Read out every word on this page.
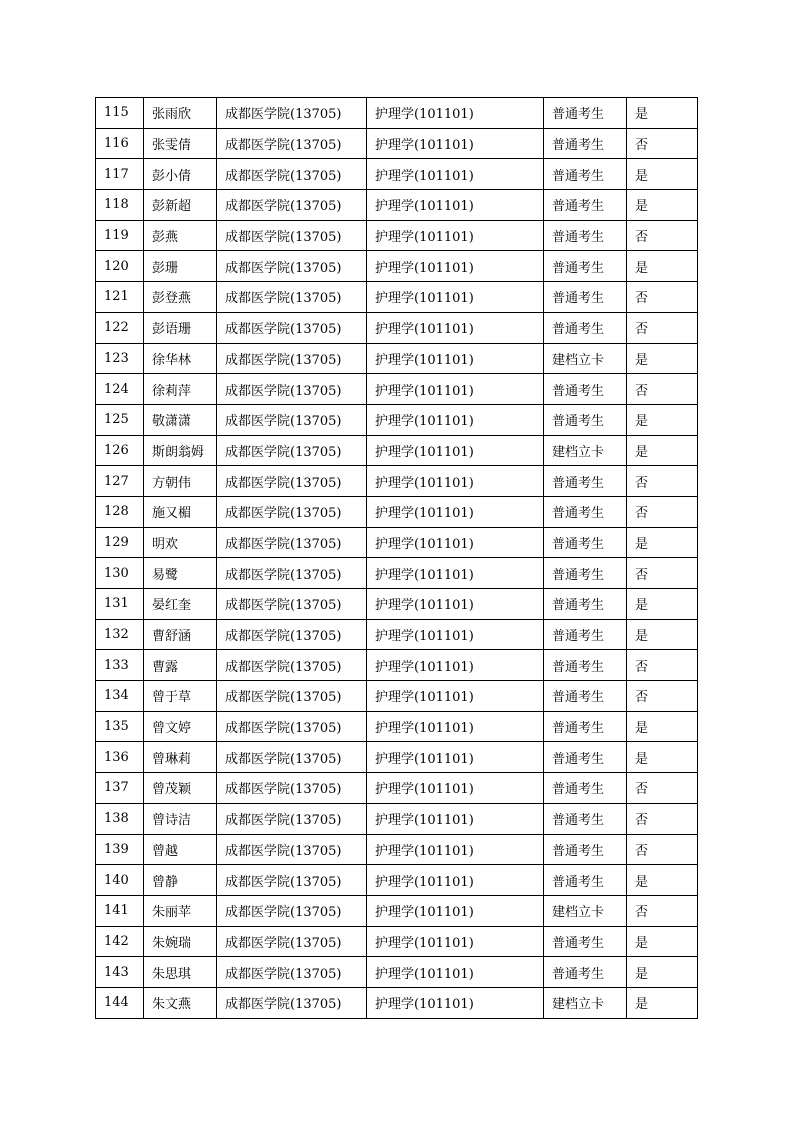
115	张雨欣	成都医学院(13705)	护理学(101101)	普通考生	是
116	张雯倩	成都医学院(13705)	护理学(101101)	普通考生	否
117	彭小倩	成都医学院(13705)	护理学(101101)	普通考生	是
118	彭新超	成都医学院(13705)	护理学(101101)	普通考生	是
119	彭燕	成都医学院(13705)	护理学(101101)	普通考生	否
120	彭珊	成都医学院(13705)	护理学(101101)	普通考生	是
121	彭登燕	成都医学院(13705)	护理学(101101)	普通考生	否
122	彭语珊	成都医学院(13705)	护理学(101101)	普通考生	否
123	徐华林	成都医学院(13705)	护理学(101101)	建档立卡	是
124	徐莉萍	成都医学院(13705)	护理学(101101)	普通考生	否
125	敬潇潇	成都医学院(13705)	护理学(101101)	普通考生	是
126	斯朗翁姆	成都医学院(13705)	护理学(101101)	建档立卡	是
127	方朝伟	成都医学院(13705)	护理学(101101)	普通考生	否
128	施又楣	成都医学院(13705)	护理学(101101)	普通考生	否
129	明欢	成都医学院(13705)	护理学(101101)	普通考生	是
130	易鹭	成都医学院(13705)	护理学(101101)	普通考生	否
131	晏红奎	成都医学院(13705)	护理学(101101)	普通考生	是
132	曹舒涵	成都医学院(13705)	护理学(101101)	普通考生	是
133	曹露	成都医学院(13705)	护理学(101101)	普通考生	否
134	曾于草	成都医学院(13705)	护理学(101101)	普通考生	否
135	曾文婷	成都医学院(13705)	护理学(101101)	普通考生	是
136	曾琳莉	成都医学院(13705)	护理学(101101)	普通考生	是
137	曾茂颖	成都医学院(13705)	护理学(101101)	普通考生	否
138	曾诗洁	成都医学院(13705)	护理学(101101)	普通考生	否
139	曾越	成都医学院(13705)	护理学(101101)	普通考生	否
140	曾静	成都医学院(13705)	护理学(101101)	普通考生	是
141	朱丽苹	成都医学院(13705)	护理学(101101)	建档立卡	否
142	朱婉瑞	成都医学院(13705)	护理学(101101)	普通考生	是
143	朱思琪	成都医学院(13705)	护理学(101101)	普通考生	是
144	朱文燕	成都医学院(13705)	护理学(101101)	建档立卡	是
